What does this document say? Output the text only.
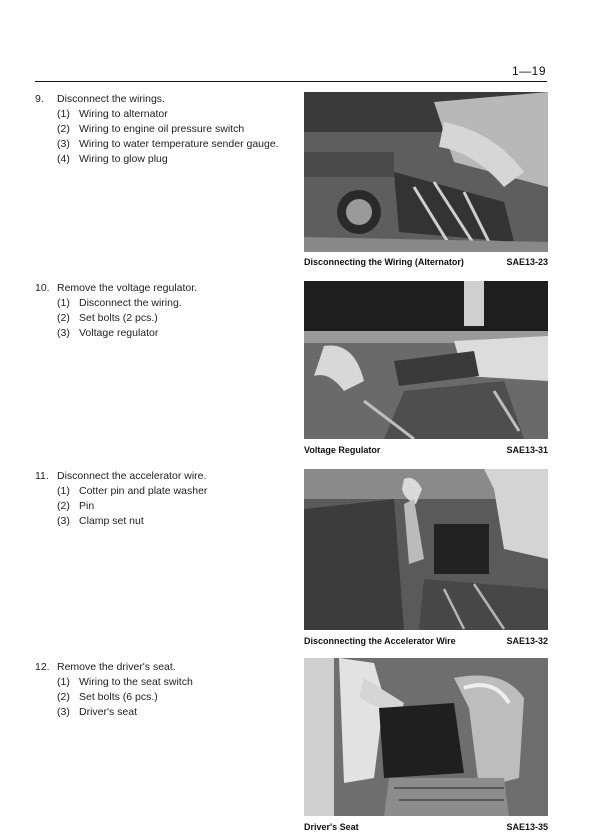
1—19
9.	Disconnect the wirings.
(1) Wiring to alternator
(2) Wiring to engine oil pressure switch
(3) Wiring to water temperature sender gauge.
(4) Wiring to glow plug
Disconnecting the Wiring (Alternator)	SAE13-23
10. Remove the voltage regulator.
(1) Disconnect the wiring.
(2) Set bolts (2 pcs.)
(3) Voltage regulator
Voltage Regulator	SAE13-31
11. Disconnect the accelerator wire.
(1) Cotter pin and plate washer
(2) Pin
(3) Clamp set nut
Disconnecting the Accelerator Wire	SAE13-32
12. Remove the driver's seat.
(1) Wiring to the seat switch
(2) Set bolts (6 pcs.)
(3) Driver's seat
Driver's Seat	SAE13-35
